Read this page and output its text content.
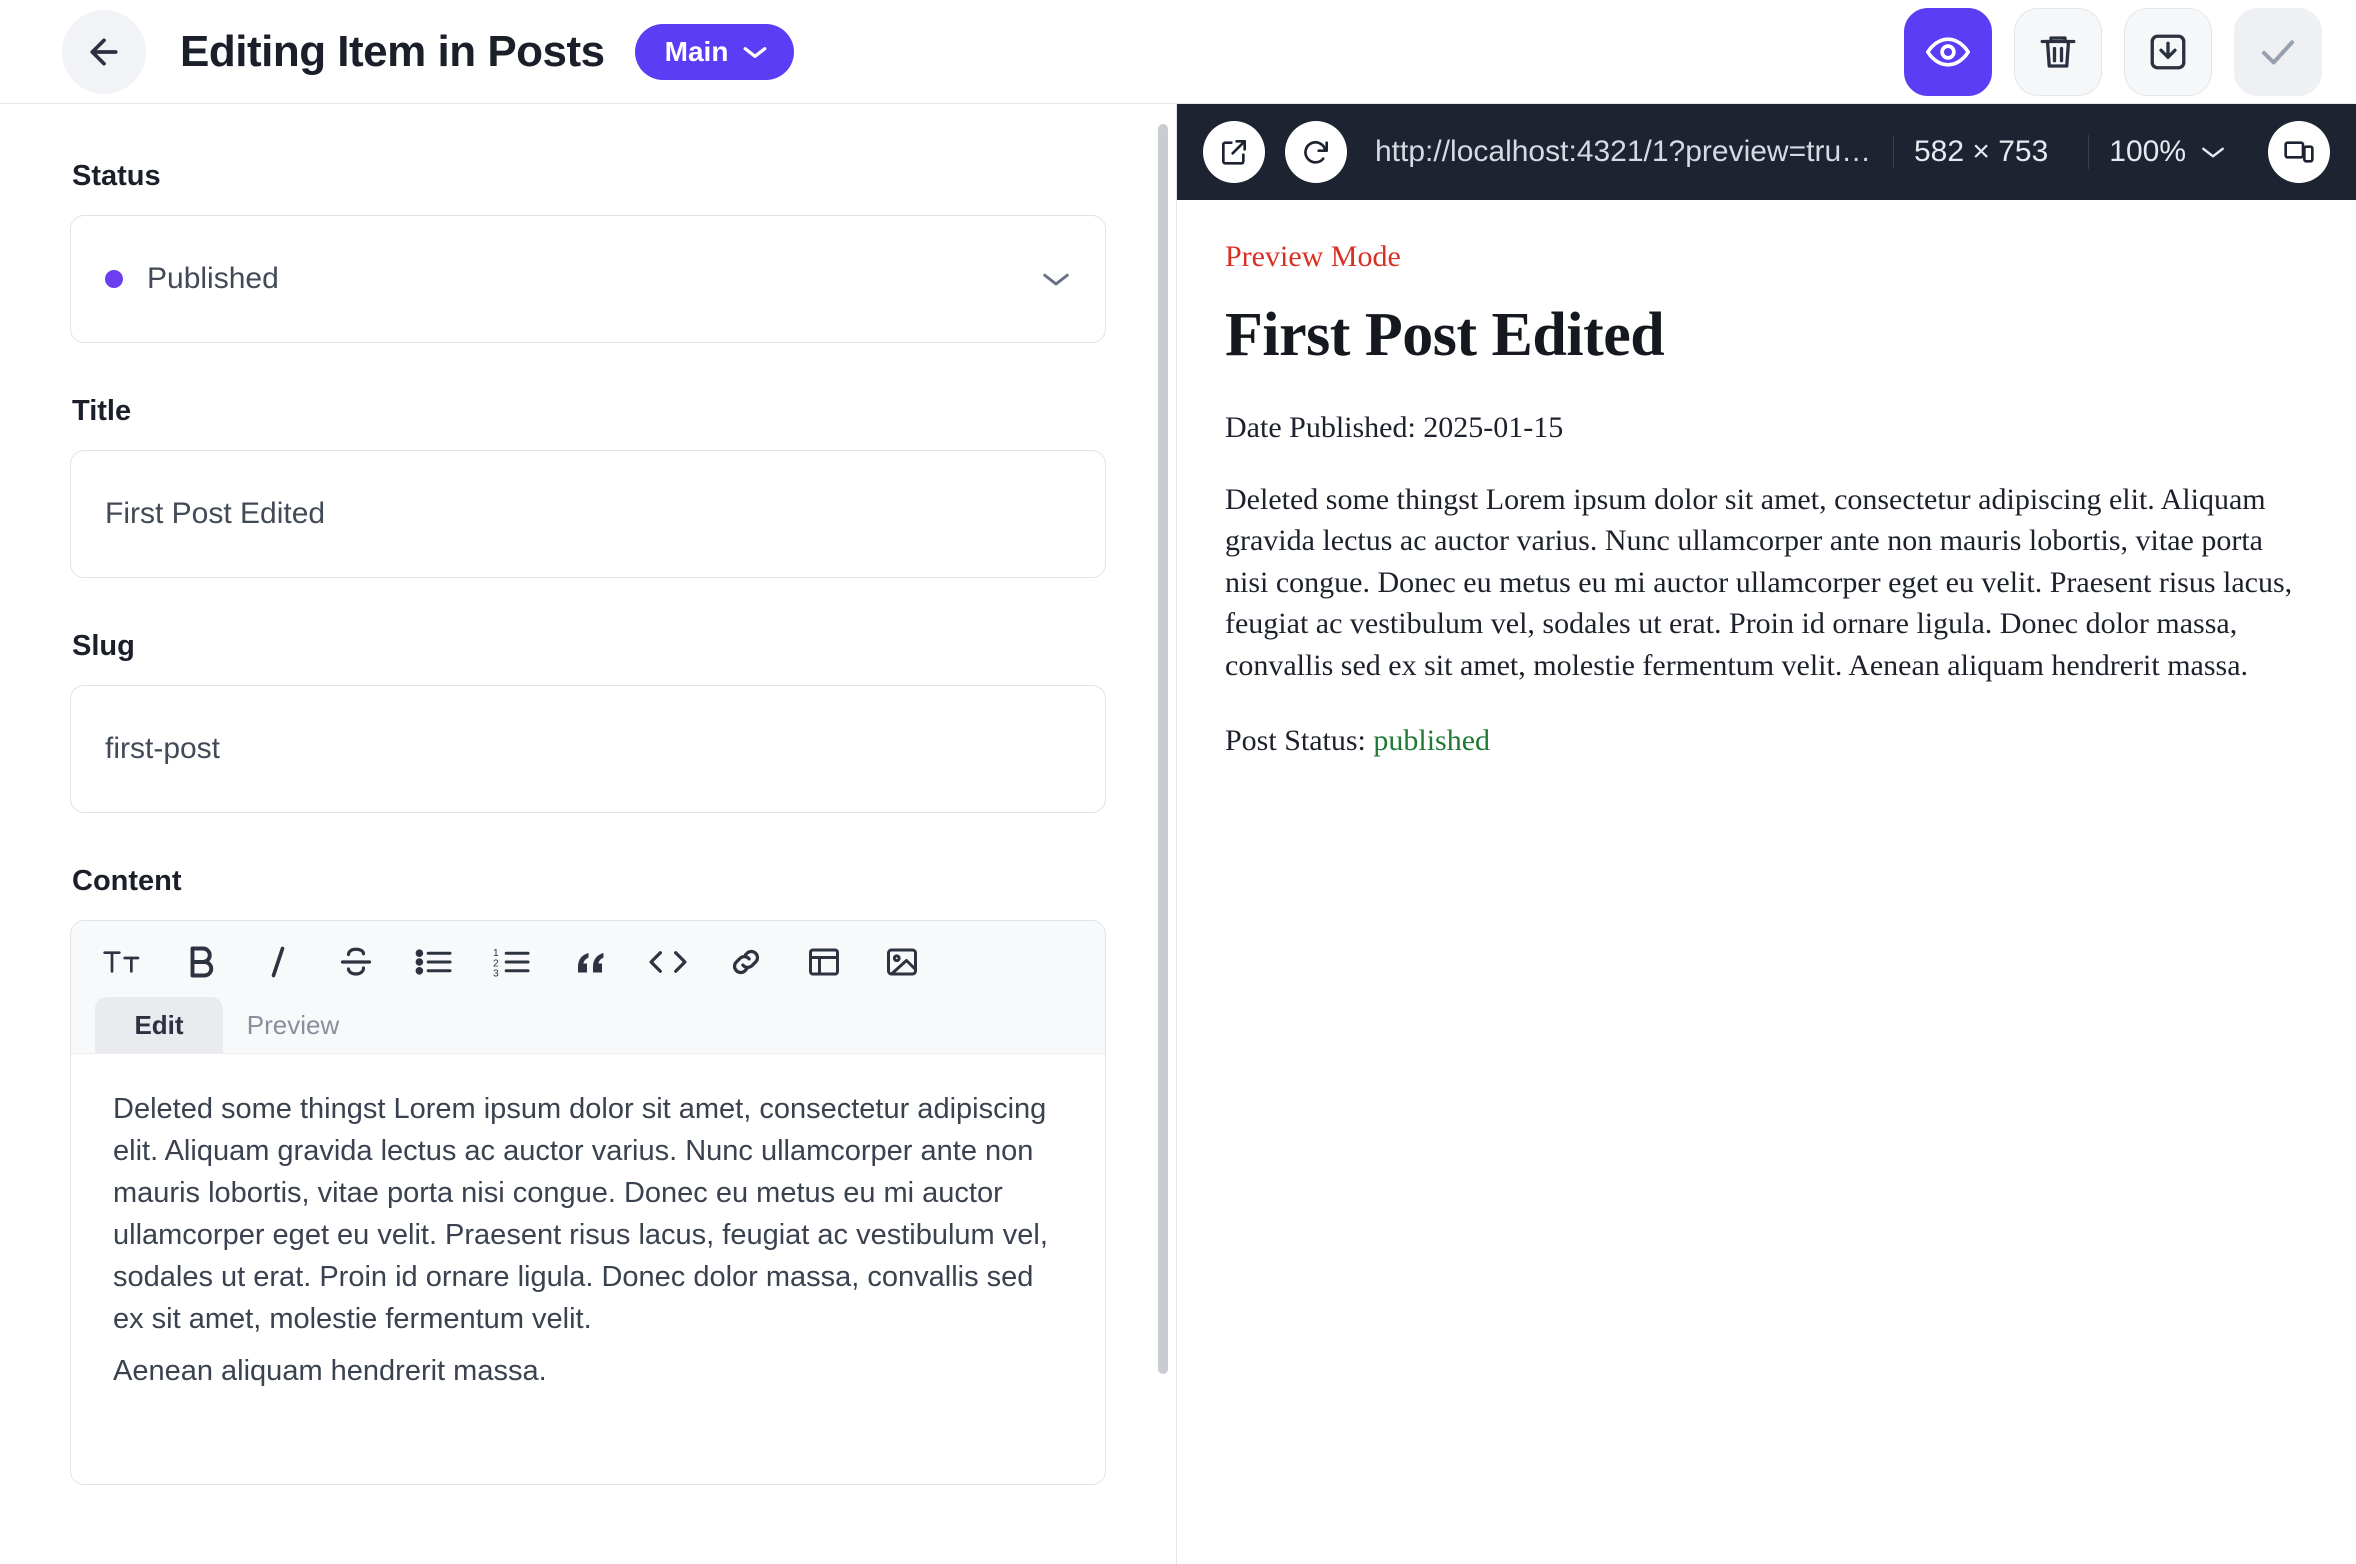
Editing Item in Posts Main
Status
Published
Title
First Post Edited
Slug
first-post
Content
1
2
3
Edit	Preview

Deleted some thingst Lorem ipsum dolor sit amet, consectetur adipiscing elit. Aliquam gravida lectus ac auctor varius. Nunc ullamcorper ante non mauris lobortis, vitae porta nisi congue. Donec eu metus eu mi auctor ullamcorper eget eu velit. Praesent risus lacus, feugiat ac vestibulum vel, sodales ut erat. Proin id ornare ligula. Donec dolor massa, convallis sed ex sit amet, molestie fermentum velit.

Aenean aliquam hendrerit massa.

http://localhost:4321/1?preview=tru…	582 × 753	100%

Preview Mode

First Post Edited

Date Published: 2025-01-15

Deleted some thingst Lorem ipsum dolor sit amet, consectetur adipiscing elit. Aliquam gravida lectus ac auctor varius. Nunc ullamcorper ante non mauris lobortis, vitae porta nisi congue. Donec eu metus eu mi auctor ullamcorper eget eu velit. Praesent risus lacus, feugiat ac vestibulum vel, sodales ut erat. Proin id ornare ligula. Donec dolor massa, convallis sed ex sit amet, molestie fermentum velit. Aenean aliquam hendrerit massa.

Post Status: published
